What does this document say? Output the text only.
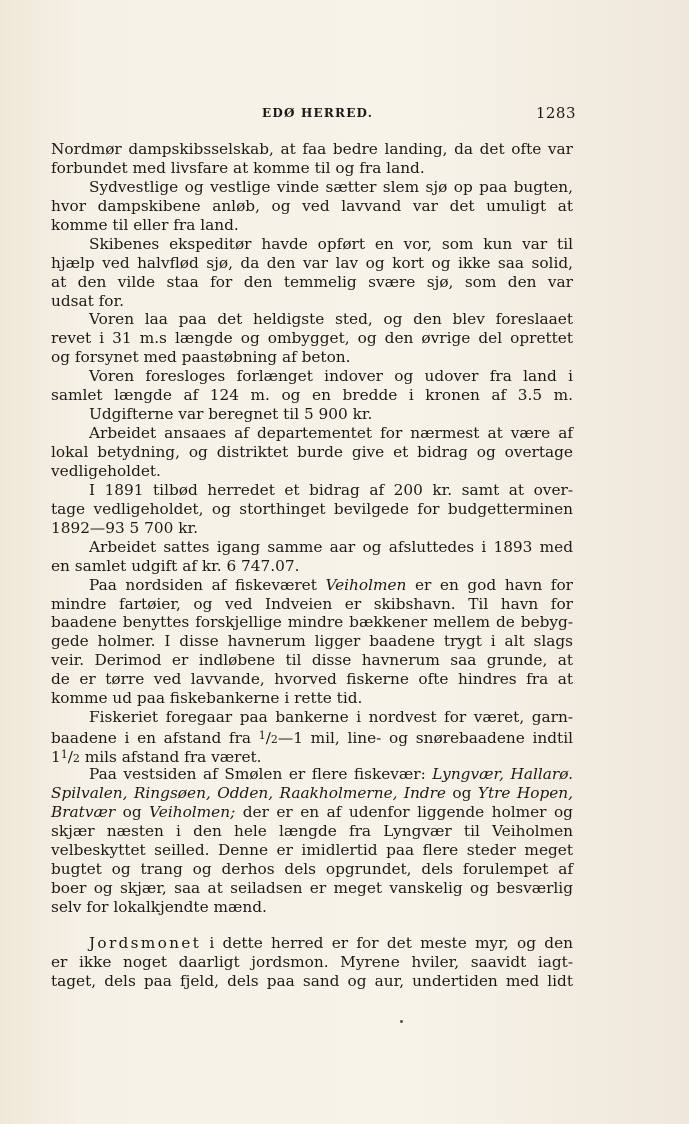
EDØ HERRED.	1283
Nordmør dampskibsselskab, at faa bedre landing, da det ofte var
forbundet med livsfare at komme til og fra land.
Sydvestlige og vestlige vinde sætter slem sjø op paa bugten,
hvor dampskibene anløb, og ved lavvand var det umuligt at
komme til eller fra land.
Skibenes ekspeditør havde opført en vor, som kun var til
hjælp ved halvflød sjø, da den var lav og kort og ikke saa solid,
at den vilde staa for den temmelig svære sjø, som den var
udsat for.
Voren laa paa det heldigste sted, og den blev foreslaaet
revet i 31 m.s længde og ombygget, og den øvrige del oprettet
og forsynet med paastøbning af beton.
Voren foresloges forlænget indover og udover fra land i
samlet længde af 124 m. og en bredde i kronen af 3.5 m.
Udgifterne var beregnet til 5 900 kr.
Arbeidet ansaaes af departementet for nærmest at være af
lokal betydning, og distriktet burde give et bidrag og overtage
vedligeholdet.
I 1891 tilbød herredet et bidrag af 200 kr. samt at over-
tage vedligeholdet, og storthinget bevilgede for budgetterminen
1892—93 5 700 kr.
Arbeidet sattes igang samme aar og afsluttedes i 1893 med
en samlet udgift af kr. 6 747.07.
Paa nordsiden af fiskeværet Veiholmen er en god havn for
mindre fartøier, og ved Indveien er skibshavn. Til havn for
baadene benyttes forskjellige mindre bækkener mellem de bebyg-
gede holmer. I disse havnerum ligger baadene trygt i alt slags
veir. Derimod er indløbene til disse havnerum saa grunde, at
de er tørre ved lavvande, hvorved fiskerne ofte hindres fra at
komme ud paa fiskebankerne i rette tid.
Fiskeriet foregaar paa bankerne i nordvest for været, garn-
baadene i en afstand fra $^1$/2—1 mil, line- og snørebaadene indtil
$1^1/2$ mils afstand fra været.
Paa vestsiden af Smølen er flere fiskevær: Lyngvær, Hallarø.
Spilvalen, Ringsøen, Odden, Raakholmerne, Indre og Ytre Hopen,
Bratvær og Veiholmen; der er en af udenfor liggende holmer og
skjær næsten i den hele længde fra Lyngvær til Veiholmen
velbeskyttet seilled. Denne er imidlertid paa flere steder meget
bugtet og trang og derhos dels opgrundet, dels forulempet af
boer og skjær, saa at seiladsen er meget vanskelig og besværlig
selv for lokalkjendte mænd.
Jordsmonet i dette herred er for det meste myr, og den
er ikke noget daarligt jordsmon. Myrene hviler, saavidt iagt-
taget, dels paa fjeld, dels paa sand og aur, undertiden med lidt
